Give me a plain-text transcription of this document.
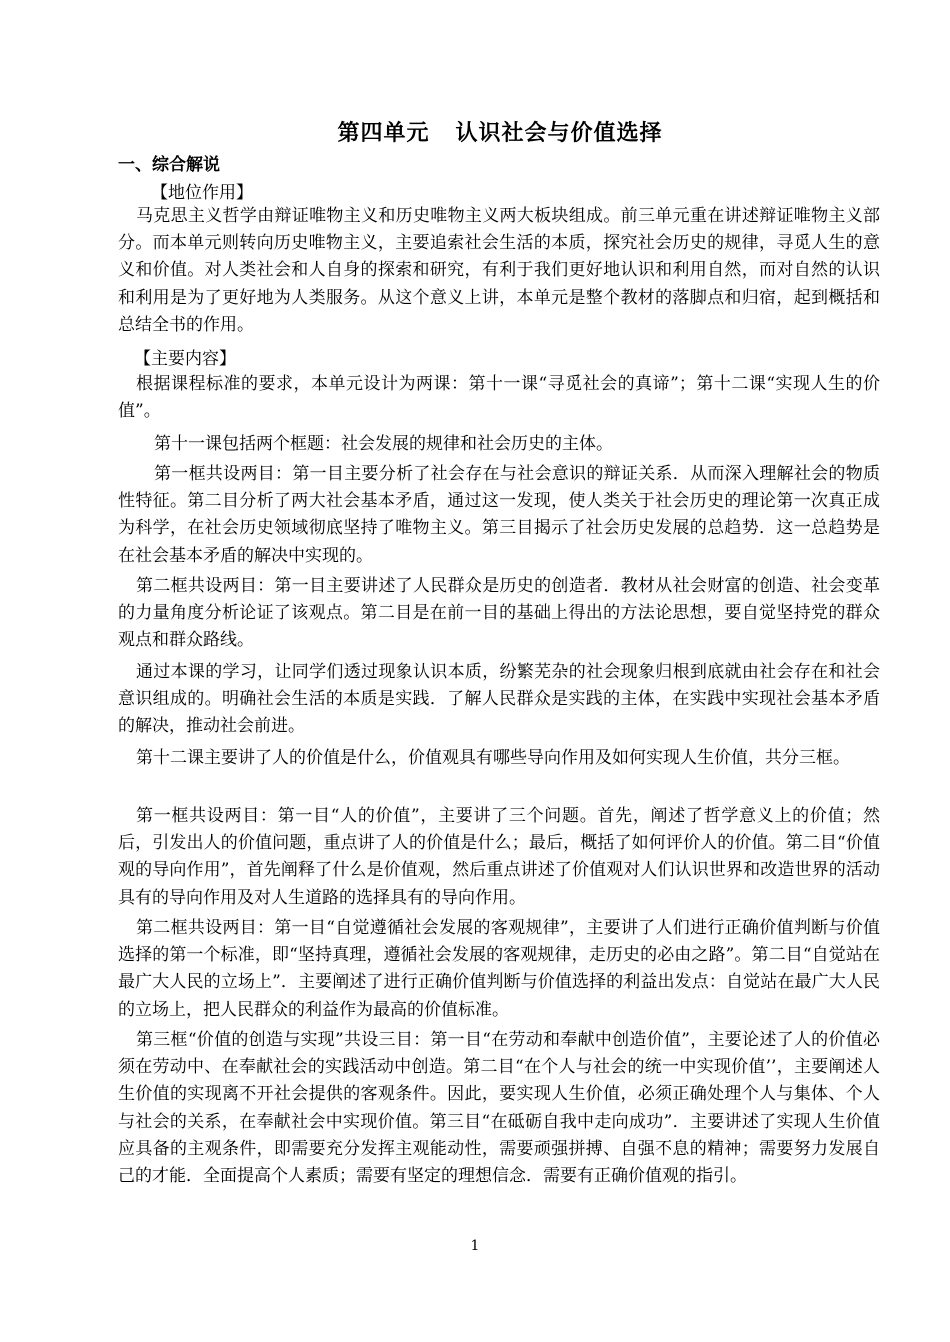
第四单元   认识社会与价值选择
一、综合解说
【地位作用】

马克思主义哲学由辩证唯物主义和历史唯物主义两大板块组成。前三单元重在讲述辩证唯物主义部分。而本单元则转向历史唯物主义，主要追索社会生活的本质，探究社会历史的规律，寻觅人生的意义和价值。对人类社会和人自身的探索和研究，有利于我们更好地认识和利用自然，而对自然的认识和利用是为了更好地为人类服务。从这个意义上讲，本单元是整个教材的落脚点和归宿，起到概括和总结全书的作用。

【主要内容】

根据课程标准的要求，本单元设计为两课：第十一课“寻觅社会的真谛”；第十二课“实现人生的价值”。

第十一课包括两个框题：社会发展的规律和社会历史的主体。

第一框共设两目：第一目主要分析了社会存在与社会意识的辩证关系．从而深入理解社会的物质性特征。第二目分析了两大社会基本矛盾，通过这一发现，使人类关于社会历史的理论第一次真正成为科学，在社会历史领域彻底坚持了唯物主义。第三目揭示了社会历史发展的总趋势．这一总趋势是在社会基本矛盾的解决中实现的。

第二框共设两目：第一目主要讲述了人民群众是历史的创造者．教材从社会财富的创造、社会变革的力量角度分析论证了该观点。第二目是在前一目的基础上得出的方法论思想，要自觉坚持党的群众观点和群众路线。

通过本课的学习，让同学们透过现象认识本质，纷繁芜杂的社会现象归根到底就由社会存在和社会意识组成的。明确社会生活的本质是实践．了解人民群众是实践的主体，在实践中实现社会基本矛盾的解决，推动社会前进。

第十二课主要讲了人的价值是什么，价值观具有哪些导向作用及如何实现人生价值，共分三框。

第一框共设两目：第一目“人的价值”，主要讲了三个问题。首先，阐述了哲学意义上的价值；然后，引发出人的价值问题，重点讲了人的价值是什么；最后，概括了如何评价人的价值。第二目“价值观的导向作用”，首先阐释了什么是价值观，然后重点讲述了价值观对人们认识世界和改造世界的活动具有的导向作用及对人生道路的选择具有的导向作用。

第二框共设两目：第一目“自觉遵循社会发展的客观规律”，主要讲了人们进行正确价值判断与价值选择的第一个标准，即“坚持真理，遵循社会发展的客观规律，走历史的必由之路”。第二目“自觉站在最广大人民的立场上”．主要阐述了进行正确价值判断与价值选择的利益出发点：自觉站在最广大人民的立场上，把人民群众的利益作为最高的价值标准。

第三框“价值的创造与实现”共设三目：第一目“在劳动和奉献中创造价值”，主要论述了人的价值必须在劳动中、在奉献社会的实践活动中创造。第二目“在个人与社会的统一中实现价值’’，主要阐述人生价值的实现离不开社会提供的客观条件。因此，要实现人生价值，必须正确处理个人与集体、个人与社会的关系，在奉献社会中实现价值。第三目“在砥砺自我中走向成功”．主要讲述了实现人生价值应具备的主观条件，即需要充分发挥主观能动性，需要顽强拼搏、自强不息的精神；需要努力发展自己的才能．全面提高个人素质；需要有坚定的理想信念．需要有正确价值观的指引。

1
